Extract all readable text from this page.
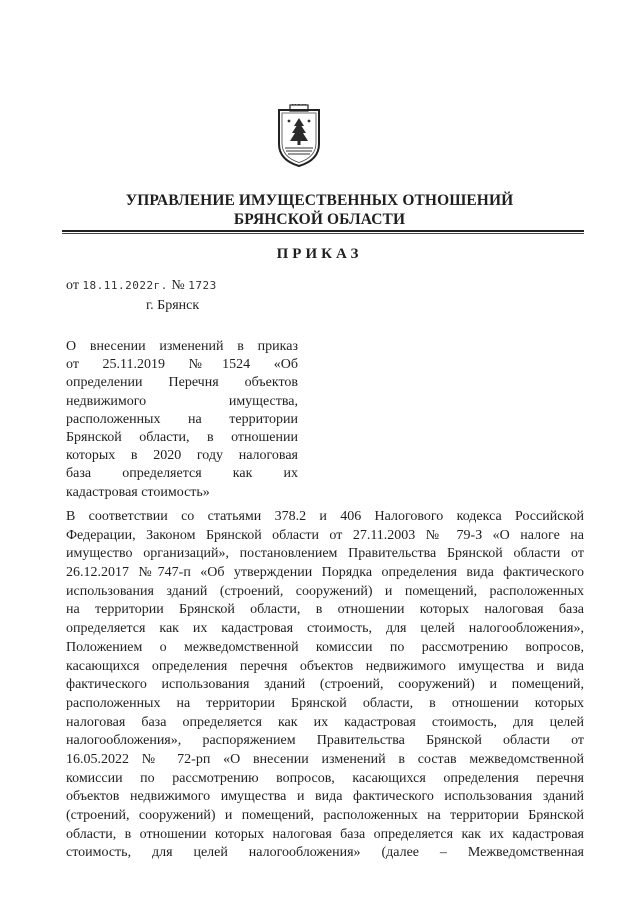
УПРАВЛЕНИЕ ИМУЩЕСТВЕННЫХ ОТНОШЕНИЙ
БРЯНСКОЙ ОБЛАСТИ
ПРИКАЗ
от 18.11.2022г. № 1723
г. Брянск
О внесении изменений в приказ
от 25.11.2019 №1524 «Об
определении Перечня объектов
недвижимого имущества,
расположенных на территории
Брянской области, в отношении
которых в 2020 году налоговая
база определяется как их
кадастровая стоимость»
В соответствии со статьями 378.2 и 406 Налогового кодекса Российской
Федерации, Законом Брянской области от 27.11.2003 № 79-З «О налоге на
имущество организаций», постановлением Правительства Брянской области от
26.12.2017 №747-п «Об утверждении Порядка определения вида фактического
использования зданий (строений, сооружений) и помещений, расположенных
на территории Брянской области, в отношении которых налоговая база
определяется как их кадастровая стоимость, для целей налогообложения»,
Положением о межведомственной комиссии по рассмотрению вопросов,
касающихся определения перечня объектов недвижимого имущества и вида
фактического использования зданий (строений, сооружений) и помещений,
расположенных на территории Брянской области, в отношении которых
налоговая база определяется как их кадастровая стоимость, для целей
налогообложения», распоряжением Правительства Брянской области от
16.05.2022 № 72-рп «О внесении изменений в состав межведомственной
комиссии по рассмотрению вопросов, касающихся определения перечня
объектов недвижимого имущества и вида фактического использования зданий
(строений, сооружений) и помещений, расположенных на территории Брянской
области, в отношении которых налоговая база определяется как их кадастровая
стоимость, для целей налогообложения» (далее – Межведомственная
